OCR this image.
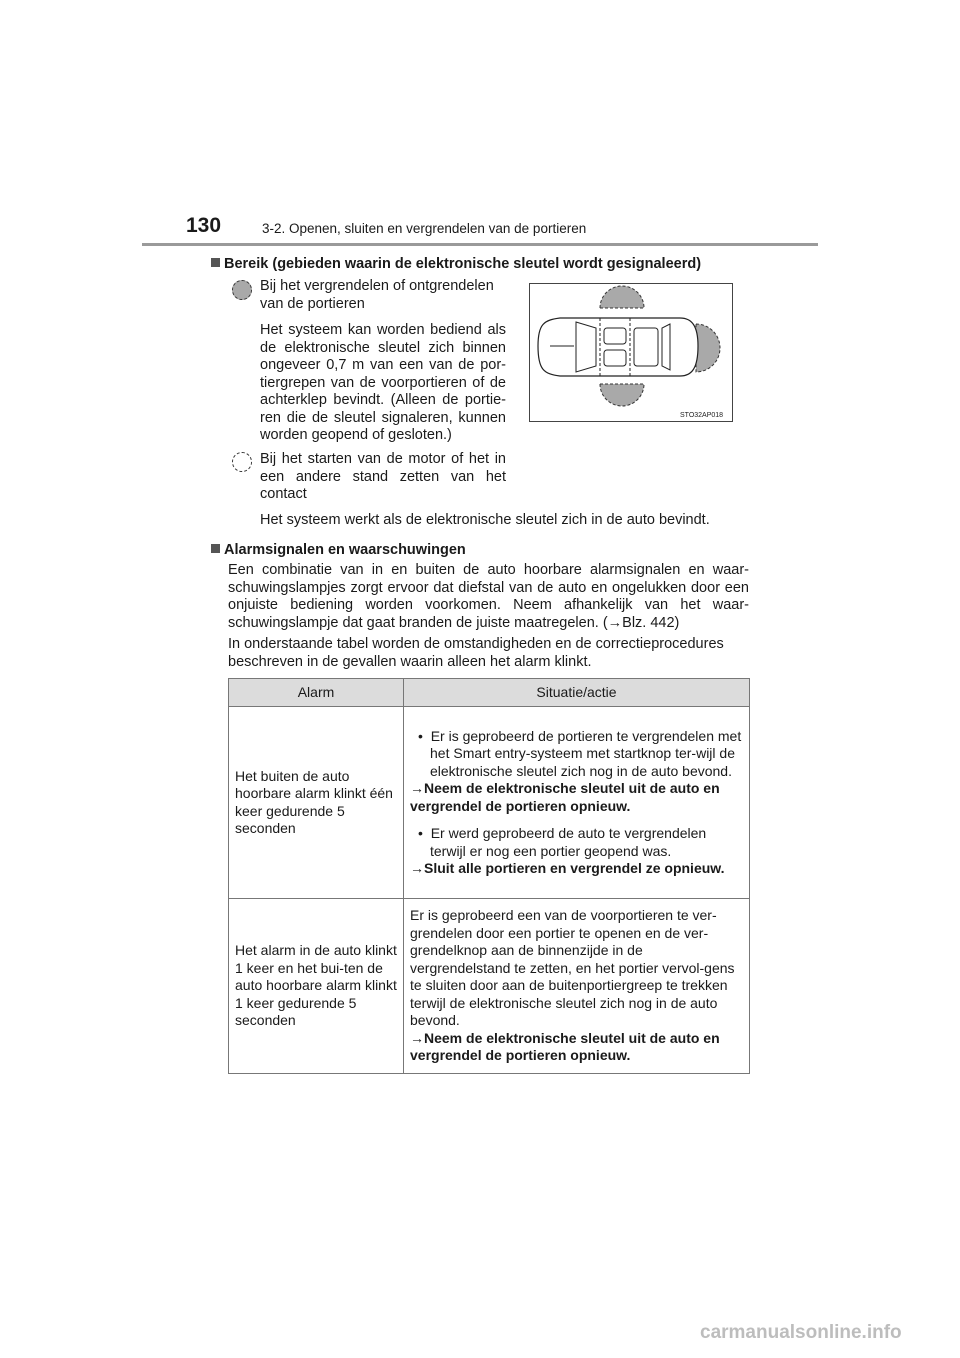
130	3-2. Openen, sluiten en vergrendelen van de portieren
Bereik (gebieden waarin de elektronische sleutel wordt gesignaleerd)
Bij het vergrendelen of ontgrendelen van de portieren
Het systeem kan worden bediend als de elektronische sleutel zich binnen ongeveer 0,7 m van een van de por-tiergrepen van de voorportieren of de achterklep bevindt. (Alleen de portie-ren die de sleutel signaleren, kunnen worden geopend of gesloten.)
Bij het starten van de motor of het in een andere stand zetten van het contact
Het systeem werkt als de elektronische sleutel zich in de auto bevindt.
STO32AP018
Alarmsignalen en waarschuwingen
Een combinatie van in en buiten de auto hoorbare alarmsignalen en waar-schuwingslampjes zorgt ervoor dat diefstal van de auto en ongelukken door een onjuiste bediening worden voorkomen. Neem afhankelijk van het waar-schuwingslampje dat gaat branden de juiste maatregelen. (→Blz. 442)
In onderstaande tabel worden de omstandigheden en de correctieprocedures beschreven in de gevallen waarin alleen het alarm klinkt.
Alarm	Situatie/actie
Het buiten de auto hoorbare alarm klinkt één keer gedurende 5 seconden	• Er is geprobeerd de portieren te vergrendelen met het Smart entry-systeem met startknop ter-wijl de elektronische sleutel zich nog in de auto bevond.
→Neem de elektronische sleutel uit de auto en vergrendel de portieren opnieuw.
• Er werd geprobeerd de auto te vergrendelen terwijl er nog een portier geopend was.
→Sluit alle portieren en vergrendel ze opnieuw.

Het alarm in de auto klinkt 1 keer en het bui-ten de auto hoorbare alarm klinkt 1 keer gedurende 5 seconden	Er is geprobeerd een van de voorportieren te ver-grendelen door een portier te openen en de ver-grendelknop aan de binnenzijde in de vergrendelstand te zetten, en het portier vervol-gens te sluiten door aan de buitenportiergreep te trekken terwijl de elektronische sleutel zich nog in de auto bevond.
→Neem de elektronische sleutel uit de auto en vergrendel de portieren opnieuw.
carmanualsonline.info
